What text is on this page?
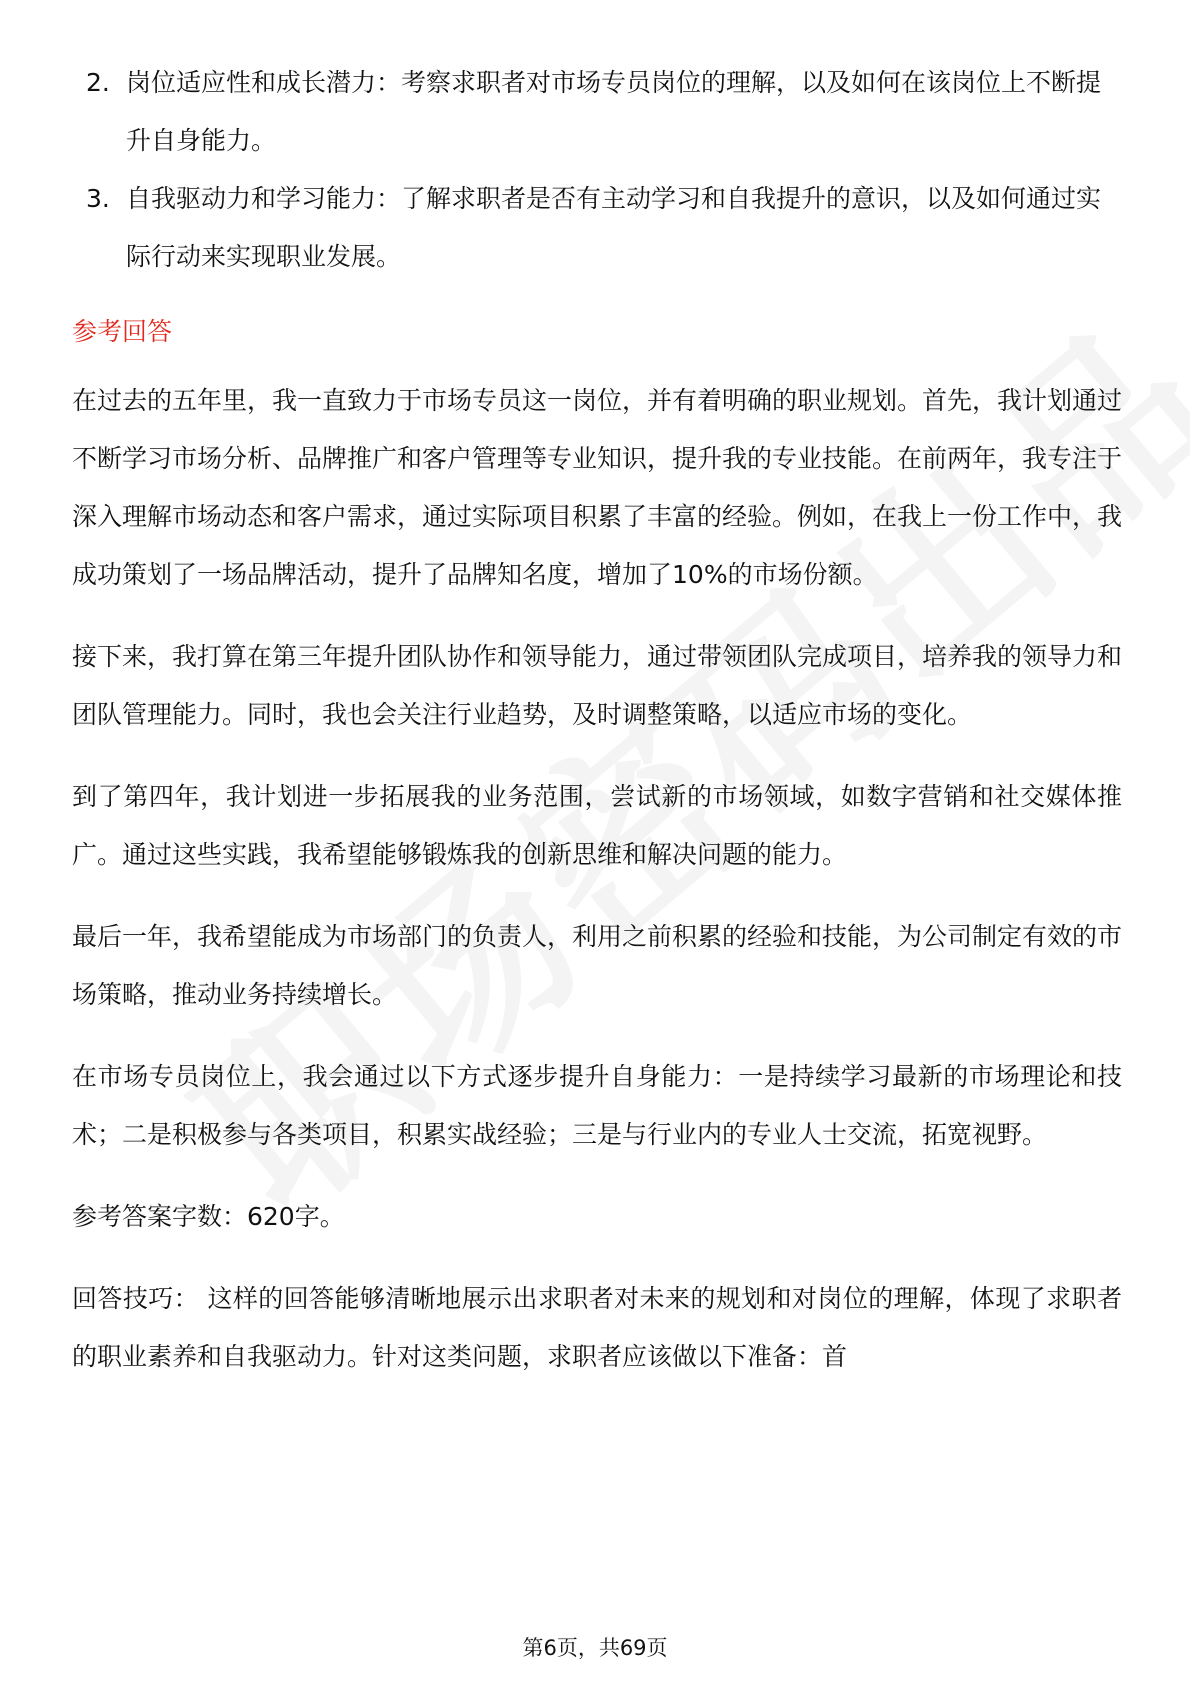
2. 岗位适应性和成长潜力：考察求职者对市场专员岗位的理解，以及如何在该岗位上不断提升自身能力。
3. 自我驱动力和学习能力：了解求职者是否有主动学习和自我提升的意识，以及如何通过实际行动来实现职业发展。
参考回答

在过去的五年里，我一直致力于市场专员这一岗位，并有着明确的职业规划。首先，我计划通过不断学习市场分析、品牌推广和客户管理等专业知识，提升我的专业技能。在前两年，我专注于深入理解市场动态和客户需求，通过实际项目积累了丰富的经验。例如，在我上一份工作中，我成功策划了一场品牌活动，提升了品牌知名度，增加了10%的市场份额。

接下来，我打算在第三年提升团队协作和领导能力，通过带领团队完成项目，培养我的领导力和团队管理能力。同时，我也会关注行业趋势，及时调整策略，以适应市场的变化。

到了第四年，我计划进一步拓展我的业务范围，尝试新的市场领域，如数字营销和社交媒体推广。通过这些实践，我希望能够锻炼我的创新思维和解决问题的能力。

最后一年，我希望能成为市场部门的负责人，利用之前积累的经验和技能，为公司制定有效的市场策略，推动业务持续增长。

在市场专员岗位上，我会通过以下方式逐步提升自身能力：一是持续学习最新的市场理论和技术；二是积极参与各类项目，积累实战经验；三是与行业内的专业人士交流，拓宽视野。

参考答案字数：620字。

回答技巧： 这样的回答能够清晰地展示出求职者对未来的规划和对岗位的理解，体现了求职者的职业素养和自我驱动力。针对这类问题，求职者应该做以下准备：首

第6页，共69页
